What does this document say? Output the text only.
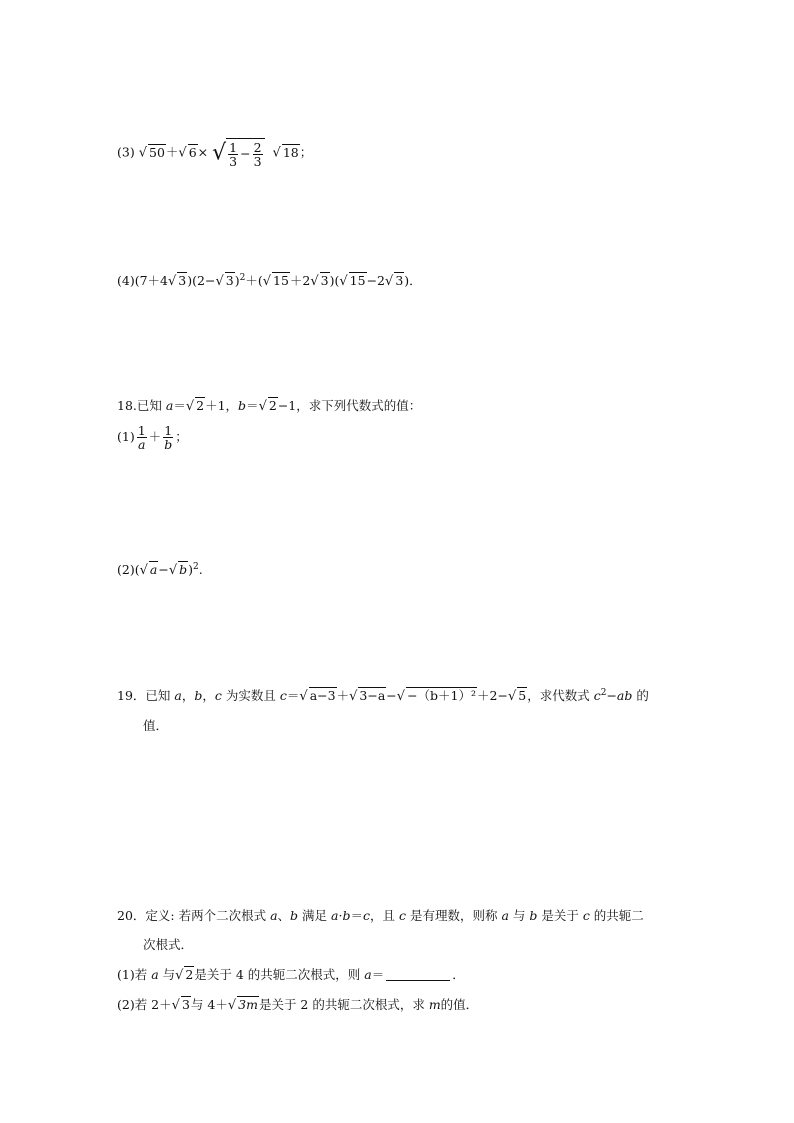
(3) √ 50＋√ 6× √ $\frac{1}{3} - \frac{2}{3}$ √ 18；
(4)(7＋4√ 3)(2−√ 3)$^2$＋(√ 15＋2√ 3)(√ 15−2√ 3)．
18.已知 a＝√ 2＋1，b＝√ 2−1，求下列代数式的值：
$(1) \frac{1}{a} + \frac{1}{b}$ ；
(2)(√ a−√ b)$^2$.
19．已知 a，b，c 为实数且 c＝√ a−3＋√ 3−a−√ −（b＋1）²＋2−√ 5，求代数式 $c^2-ab$ 的
值．
20．定义: 若两个二次根式 a、b 满足 a·b＝c，且 c 是有理数，则称 a 与 b 是关于 c 的共轭二
次根式．
(1)若 a 与√ 2是关于 4 的共轭二次根式，则 a＝	．
(2)若 2＋√ 3与 4＋√ 3m是关于 2 的共轭二次根式，求 m的值．
